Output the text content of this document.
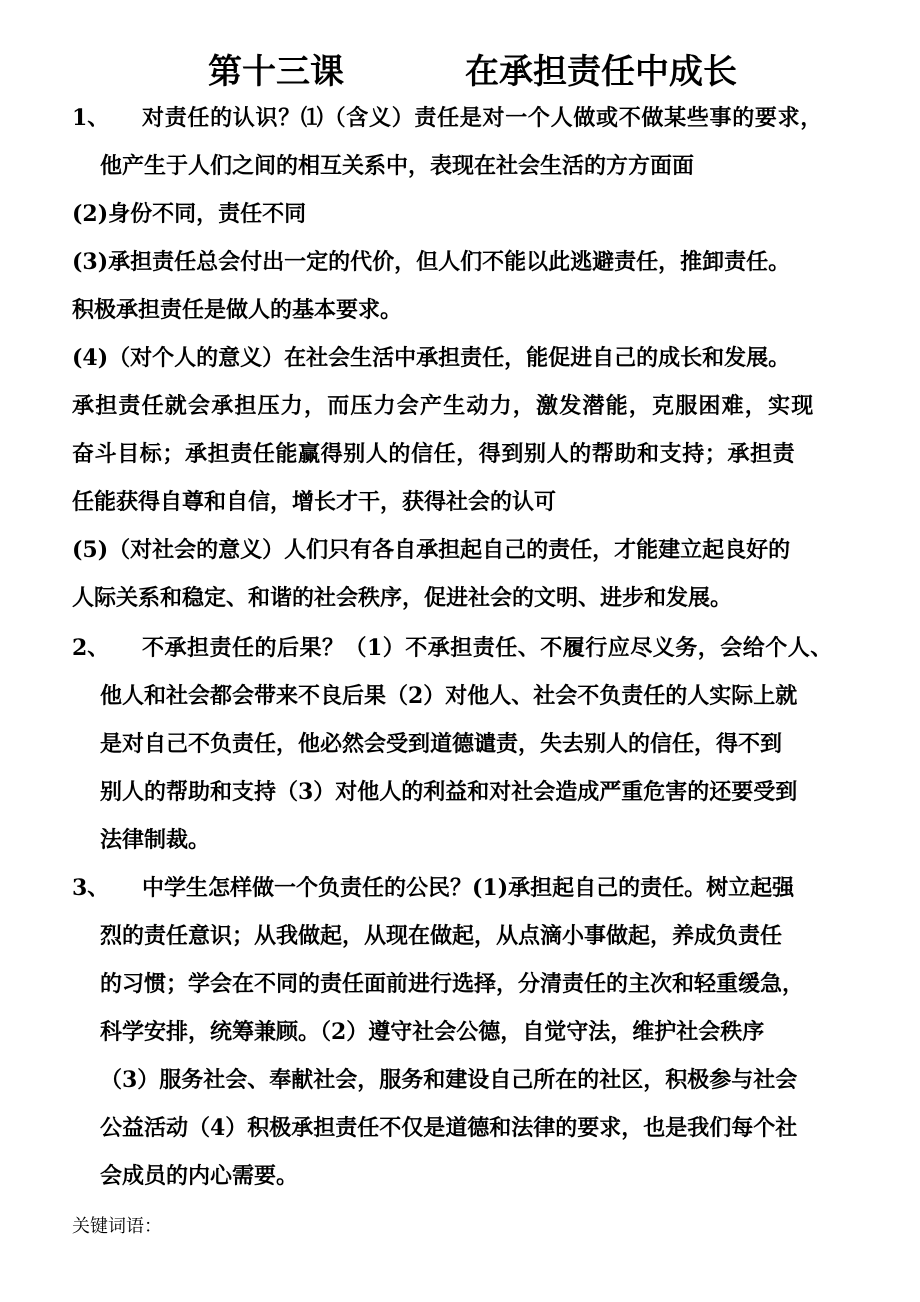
第十三课	在承担责任中成长
1、 对责任的认识？⑴（含义）责任是对一个人做或不做某些事的要求，
他产生于人们之间的相互关系中，表现在社会生活的方方面面
(2)身份不同，责任不同
(3)承担责任总会付出一定的代价，但人们不能以此逃避责任，推卸责任。
积极承担责任是做人的基本要求。
(4)（对个人的意义）在社会生活中承担责任，能促进自己的成长和发展。
承担责任就会承担压力，而压力会产生动力，激发潜能，克服困难，实现
奋斗目标；承担责任能赢得别人的信任，得到别人的帮助和支持；承担责
任能获得自尊和自信，增长才干，获得社会的认可
(5)（对社会的意义）人们只有各自承担起自己的责任，才能建立起良好的
人际关系和稳定、和谐的社会秩序，促进社会的文明、进步和发展。
2、 不承担责任的后果？（1）不承担责任、不履行应尽义务，会给个人、
他人和社会都会带来不良后果（2）对他人、社会不负责任的人实际上就
是对自己不负责任，他必然会受到道德谴责，失去别人的信任，得不到
别人的帮助和支持（3）对他人的利益和对社会造成严重危害的还要受到
法律制裁。
3、 中学生怎样做一个负责任的公民？(1)承担起自己的责任。树立起强
烈的责任意识；从我做起，从现在做起，从点滴小事做起，养成负责任
的习惯；学会在不同的责任面前进行选择，分清责任的主次和轻重缓急，
科学安排，统筹兼顾。（2）遵守社会公德，自觉守法，维护社会秩序
（3）服务社会、奉献社会，服务和建设自己所在的社区，积极参与社会
公益活动（4）积极承担责任不仅是道德和法律的要求，也是我们每个社
会成员的内心需要。
关键词语：
